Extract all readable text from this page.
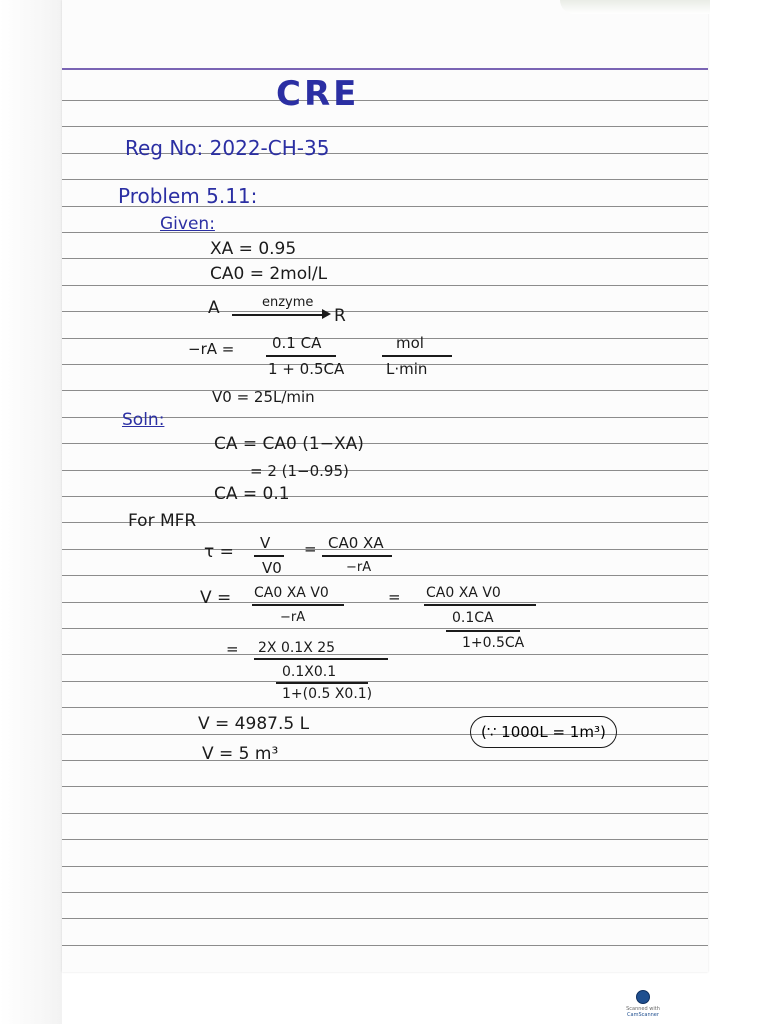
CRE
Reg No: 2022-CH-35
Problem 5.11:
Given:
XA = 0.95
CA0 = 2mol/L
A	enzyme
R
−rA =	0.1 CA
1 + 0.5CA
mol
L·min
V0 = 25L/min
Soln:
CA = CA0 (1−XA)
= 2 (1−0.95)
CA = 0.1
For MFR
τ = V
V0
= CA0 XA
−rA
V = CA0 XA V0
−rA
= CA0 XA V0
0.1CA
1+0.5CA
= 2X 0.1X 25
0.1X0.1
1+(0.5 X0.1)
V = 4987.5 L	(∵ 1000L = 1m³)
V = 5 m³
Scanned with
CamScanner
